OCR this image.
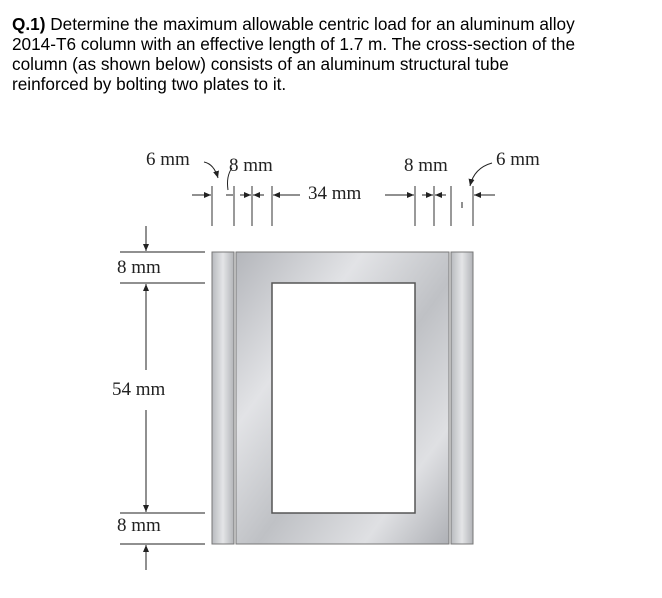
Q.1) Determine the maximum allowable centric load for an aluminum alloy
2014-T6 column with an effective length of 1.7 m. The cross-section of the
column (as shown below) consists of an aluminum structural tube
reinforced by bolting two plates to it.
6 mm 8 mm
34 mm
8 mm	6 mm
8 mm
54 mm
8 mm
